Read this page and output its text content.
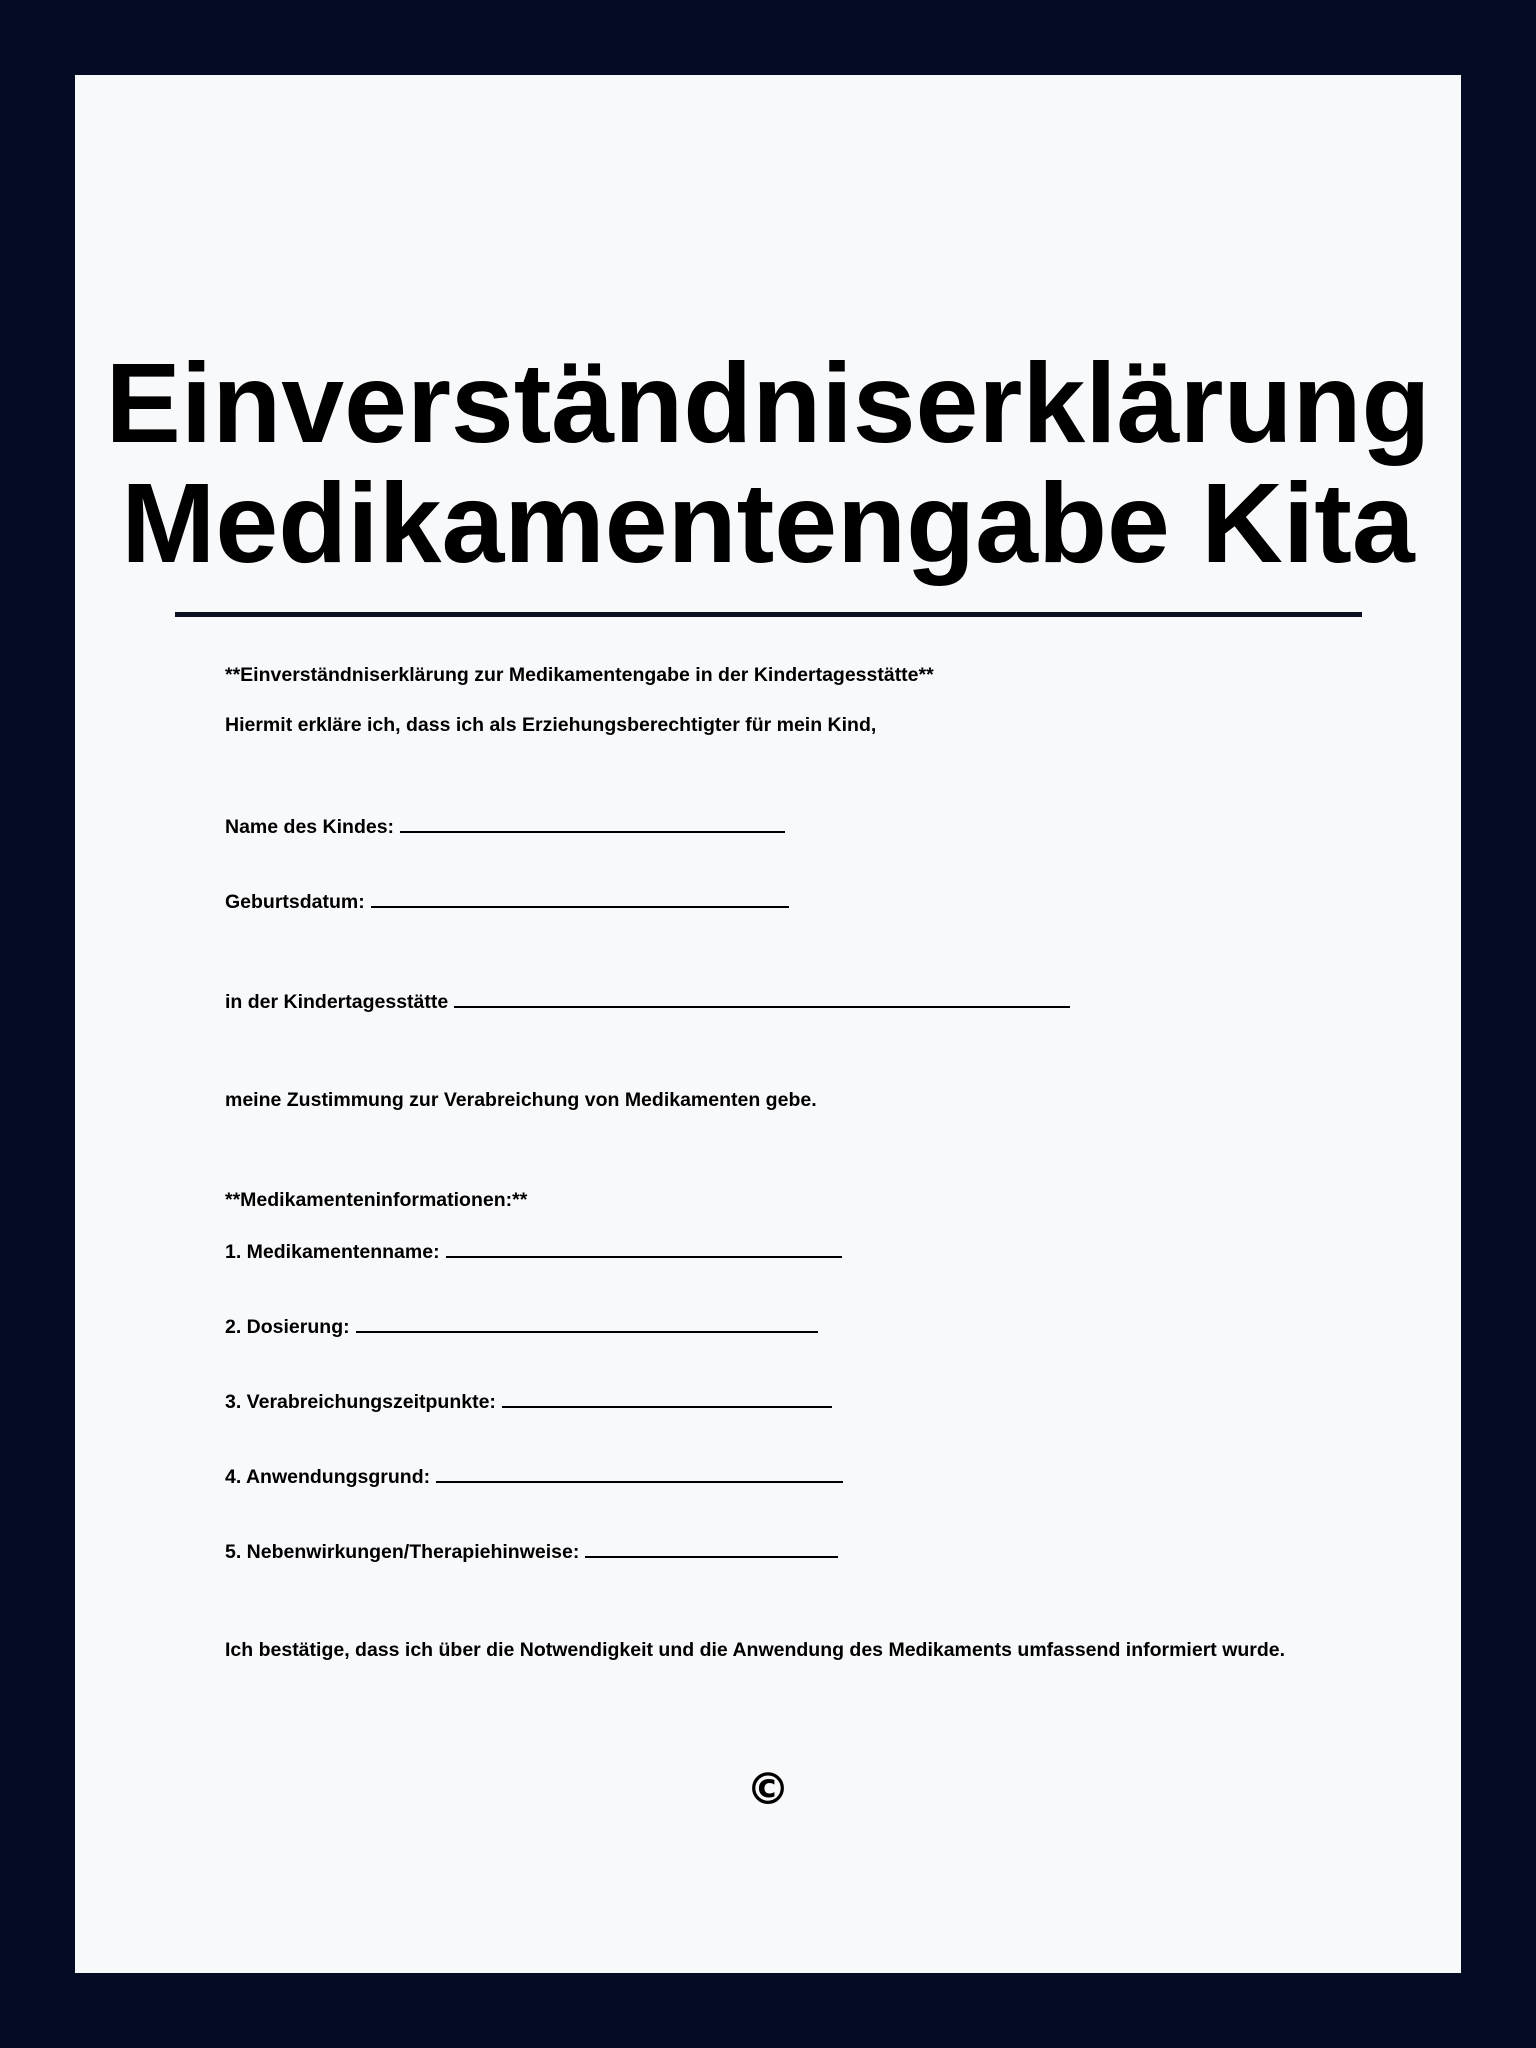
Einverständniserklärung
Medikamentengabe Kita

**Einverständniserklärung zur Medikamentengabe in der Kindertagesstätte**

Hiermit erkläre ich, dass ich als Erziehungsberechtigter für mein Kind,

Name des Kindes:

Geburtsdatum:

in der Kindertagesstätte

meine Zustimmung zur Verabreichung von Medikamenten gebe.

**Medikamenteninformationen:**

1. Medikamentenname:

2. Dosierung:

3. Verabreichungszeitpunkte:

4. Anwendungsgrund:

5. Nebenwirkungen/Therapiehinweise:

Ich bestätige, dass ich über die Notwendigkeit und die Anwendung des Medikaments umfassend informiert wurde.

©
